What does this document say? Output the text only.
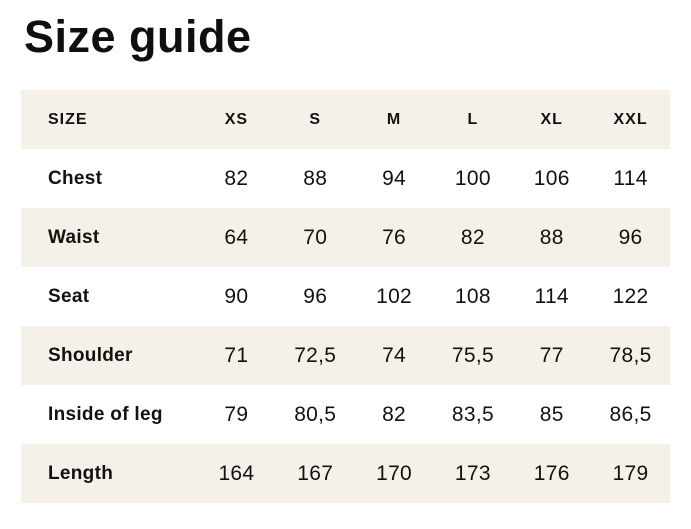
Size guide
SIZE	XS	S	M	L	XL	XXL
Chest	82	88	94	100	106	114
Waist	64	70	76	82	88	96
Seat	90	96	102	108	114	122
Shoulder	71	72,5	74	75,5	77	78,5
Inside of leg	79	80,5	82	83,5	85	86,5
Length	164	167	170	173	176	179
